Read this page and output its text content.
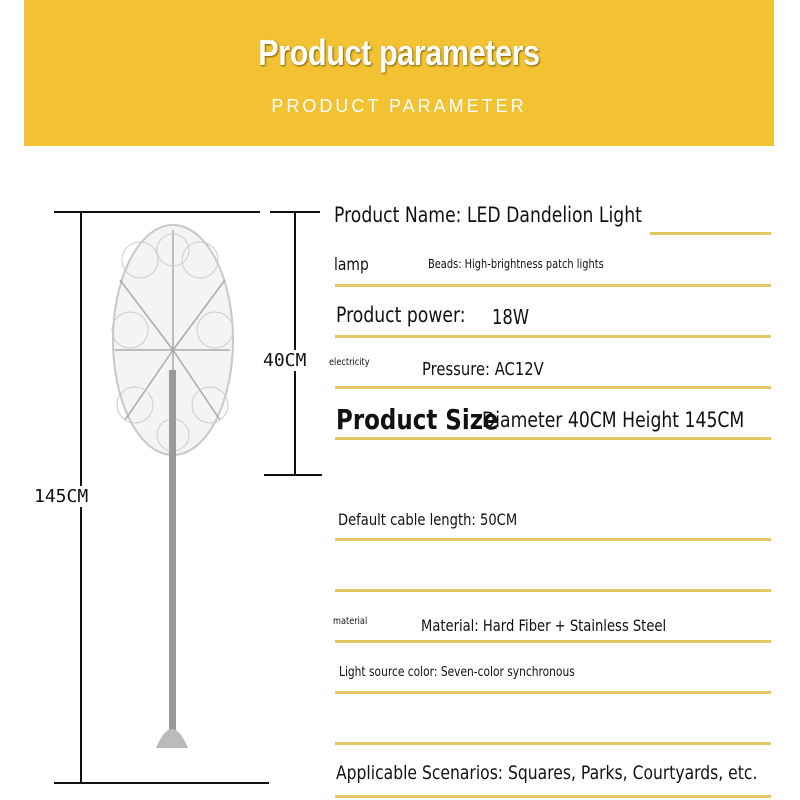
Product parameters
PRODUCT PARAMETER
145CM
40CM
Product Name: LED Dandelion Light
lamp	Beads: High-brightness patch lights
Product power: 18W
electricity	Pressure: AC12V
Product Size
Diameter 40CM Height 145CM
Default cable length: 50CM
material	Material: Hard Fiber + Stainless Steel
Light source color: Seven-color synchronous
Applicable Scenarios: Squares, Parks, Courtyards, etc.
